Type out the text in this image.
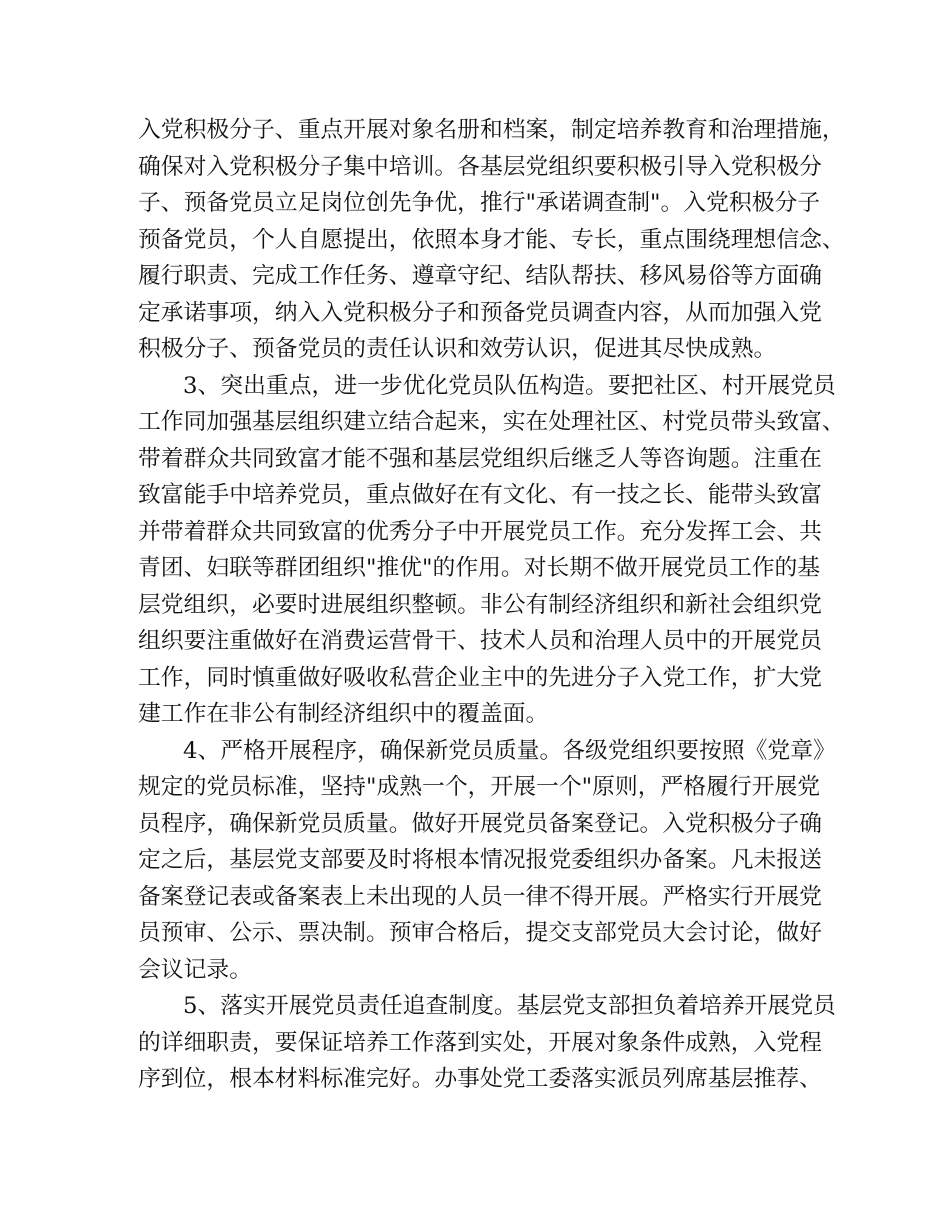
入党积极分子、重点开展对象名册和档案，制定培养教育和治理措施，
确保对入党积极分子集中培训。各基层党组织要积极引导入党积极分
子、预备党员立足岗位创先争优，推行"承诺调查制"。入党积极分子
预备党员，个人自愿提出，依照本身才能、专长，重点围绕理想信念、
履行职责、完成工作任务、遵章守纪、结队帮扶、移风易俗等方面确
定承诺事项，纳入入党积极分子和预备党员调查内容，从而加强入党
积极分子、预备党员的责任认识和效劳认识，促进其尽快成熟。
3、突出重点，进一步优化党员队伍构造。要把社区、村开展党员
工作同加强基层组织建立结合起来，实在处理社区、村党员带头致富、
带着群众共同致富才能不强和基层党组织后继乏人等咨询题。注重在
致富能手中培养党员，重点做好在有文化、有一技之长、能带头致富
并带着群众共同致富的优秀分子中开展党员工作。充分发挥工会、共
青团、妇联等群团组织"推优"的作用。对长期不做开展党员工作的基
层党组织，必要时进展组织整顿。非公有制经济组织和新社会组织党
组织要注重做好在消费运营骨干、技术人员和治理人员中的开展党员
工作，同时慎重做好吸收私营企业主中的先进分子入党工作，扩大党
建工作在非公有制经济组织中的覆盖面。
4、严格开展程序，确保新党员质量。各级党组织要按照《党章》
规定的党员标准，坚持"成熟一个，开展一个"原则，严格履行开展党
员程序，确保新党员质量。做好开展党员备案登记。入党积极分子确
定之后，基层党支部要及时将根本情况报党委组织办备案。凡未报送
备案登记表或备案表上未出现的人员一律不得开展。严格实行开展党
员预审、公示、票决制。预审合格后，提交支部党员大会讨论，做好
会议记录。
5、落实开展党员责任追查制度。基层党支部担负着培养开展党员
的详细职责，要保证培养工作落到实处，开展对象条件成熟，入党程
序到位，根本材料标准完好。办事处党工委落实派员列席基层推荐、
